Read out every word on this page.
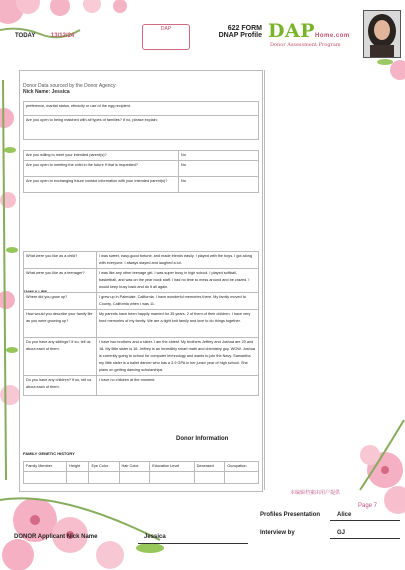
TODAY	13/12/24
DAP	622 FORM
DNAP Profile DAPHome.com
Donor Assessment Program
Donor Data sourced by the Donor Agency
Nick Name: Jessica
preference, marital status, ethnicity or use of the egg recipient.	
Are you open to being matched with all types of families? If no, please explain:	

Are you willing to meet your intended parent(s)?	No
Are you open to meeting the child in the future if that is requested?	No
Are you open to exchanging future contact information with your intended parent(s)?	No
FAMILY LIFE
What were you like as a child?	I was sweet, easy-good fortune, and made friends easily. I played with the boys. I got along with everyone. I always stayed and laughed a lot.
What were you like as a teenager?	I was like any other teenage girl. I was super busy in high school. I played softball, basketball, and was on the year book staff. I had no time to mess around and be crazed. I would keep busy back and do it all again.
Where did you grow up?	I grew up in Palmdale, California. I have wonderful memories there. My family moved to County, California when I was 11.
How would you describe your family life as you were growing up?	My parents have been happily married for 35 years. 2 of them of their children. I have very fond memories of my family. We are a tight knit family and love to do things together.
Do you have any siblings? If so, tell us about each of them:	I have two brothers and a sister. I am the oldest. My brothers Jeffrey and Joshua are 20 and 18. My little sister is 16. Jeffrey is an incredibly smart math and chemistry guy. WOW. Joshua is currently going to school for computer technology and wants to join the Navy. Samantha my little sister is a ballet dancer who has a 3.9 GPA in her junior year of high school. She plans on getting dancing scholarships.
Do you have any children? If so, tell us about each of them:	I have no children at the moment.
Donor Information
FAMILY GENETIC HISTORY
Family Member	Height	Eye Color	Hair Color	Education Level	Deceased	Occupation

本编辑档案由用户提供
Page 7
Profiles Presentation	Alice
Interview by	GJ
DONOR Applicant Nick Name	Jessica
